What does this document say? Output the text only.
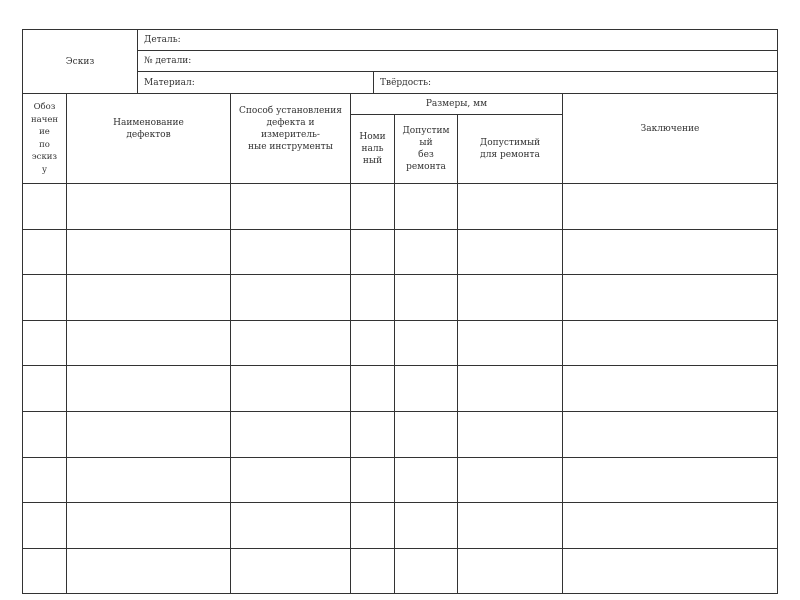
Эскиз
Деталь:
№ детали:
Материал:	Твёрдость:
Обоз
начен
ие
по
эскиз
у
Наименование
дефектов
Способ установления
дефекта и
измеритель-
ные инструменты
Размеры, мм
Номи
наль
ный
Допустим
ый
без
ремонта
Допустимый
для ремонта
Заключение
